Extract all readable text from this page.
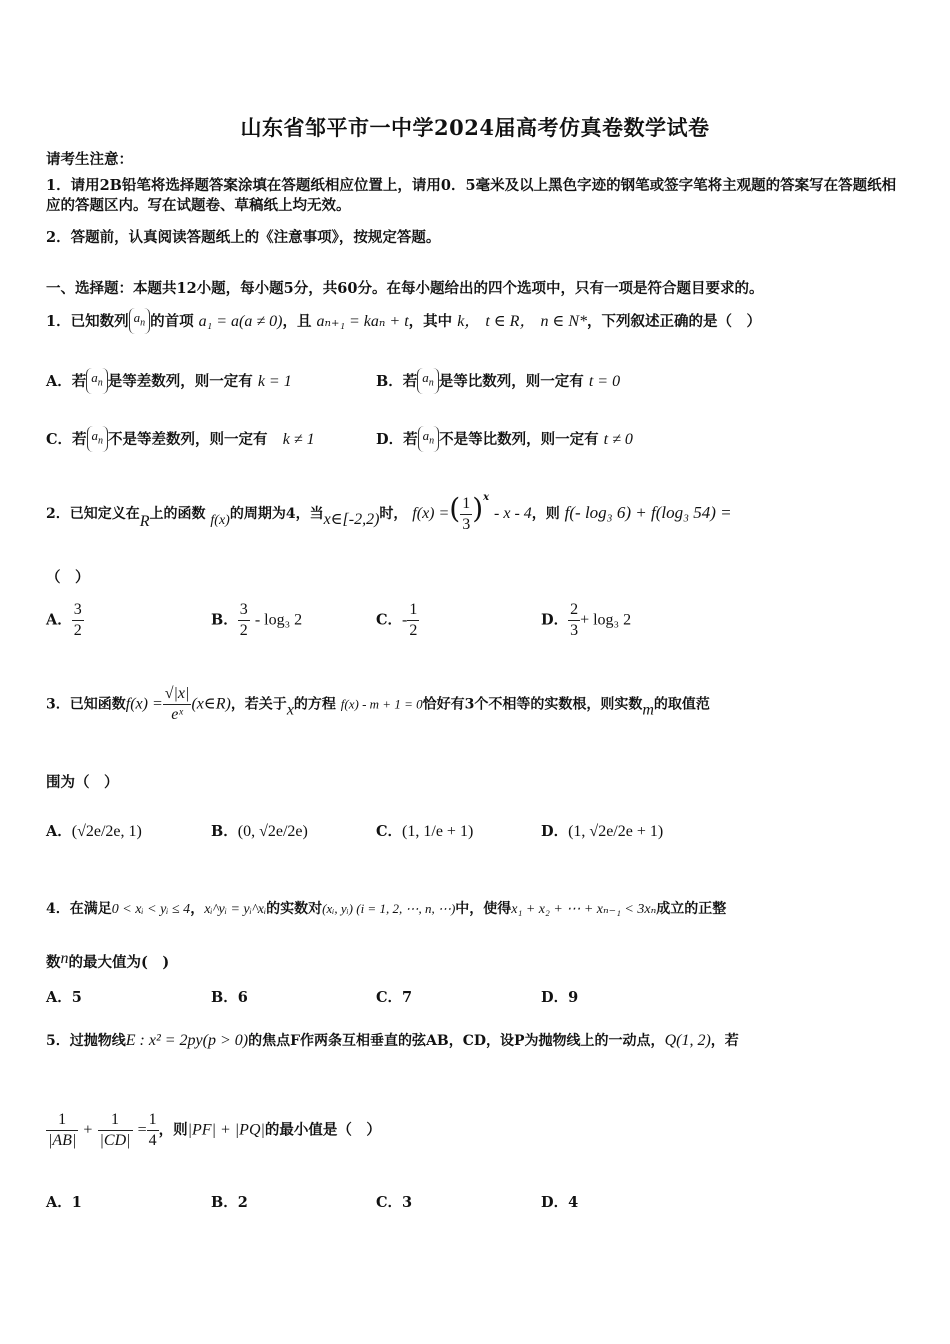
山东省邹平市一中学2024届高考仿真卷数学试卷
请考生注意：
1．请用2B铅笔将选择题答案涂填在答题纸相应位置上，请用0．5毫米及以上黑色字迹的钢笔或签字笔将主观题的答案写在答题纸相应的答题区内。写在试题卷、草稿纸上均无效。
2．答题前，认真阅读答题纸上的《注意事项》，按规定答题。
一、选择题：本题共12小题，每小题5分，共60分。在每小题给出的四个选项中，只有一项是符合题目要求的。
1．已知数列 $a_n$ 的首项 a₁ = a(a ≠ 0)，且 aₙ₊₁ = kaₙ + t，其中 k， t ∈ R， n ∈ N*，下列叙述正确的是（　）
A．若 $a_n$ 是等差数列，则一定有 k = 1	B．若 $a_n$ 是等比数列，则一定有 t = 0
C．若 $a_n$ 不是等差数列，则一定有 k ≠ 1	D．若 $a_n$ 不是等比数列，则一定有 t ≠ 0
2．已知定义在R上的函数 f(x)的周期为4，当x∈[-2,2)时， f(x) =( $\frac{1}{3} )^x$ - x - 4，则 f(- log₃ 6) + f(log₃ 54) =
（　）
A． $\frac{3}{2}$	B． $\frac{3}{2} - \log_3$ 2	C．- $\frac{1}{2}$	D． $\frac{2}{3} + \log_3$ 2
3．已知函数$f(x) = \frac{√|x|}{\text{eˣ}}$ (x∈R)，若关于x的方程 f(x) - m + 1 = 0恰好有3个不相等的实数根，则实数m的取值范
围为（　）
A．(√2e/2e, 1)	B．(0, √2e/2e)	C．(1, 1/e + 1)	D．(1, √2e/2e + 1)
4．在满足0 < xᵢ < yᵢ ≤ 4，xᵢ^yᵢ = yᵢ^xᵢ的实数对(xᵢ, yᵢ) (i = 1, 2, ⋯, n, ⋯)中，使得x₁ + x₂ + ⋯ + xₙ₋₁ < 3xₙ成立的正整
数n的最大值为(　)
A．5	B．6	C．7	D．9
5．过抛物线E : x² = 2py(p > 0)的焦点F作两条互相垂直的弦AB，CD，设P为抛物线上的一动点，Q(1, 2)，若
$\frac{1}{|AB|} + \frac{1}{|CD|} = \frac{1}{4}$ ，则|PF| + |PQ|的最小值是（　）
A．1	B．2	C．3	D．4
